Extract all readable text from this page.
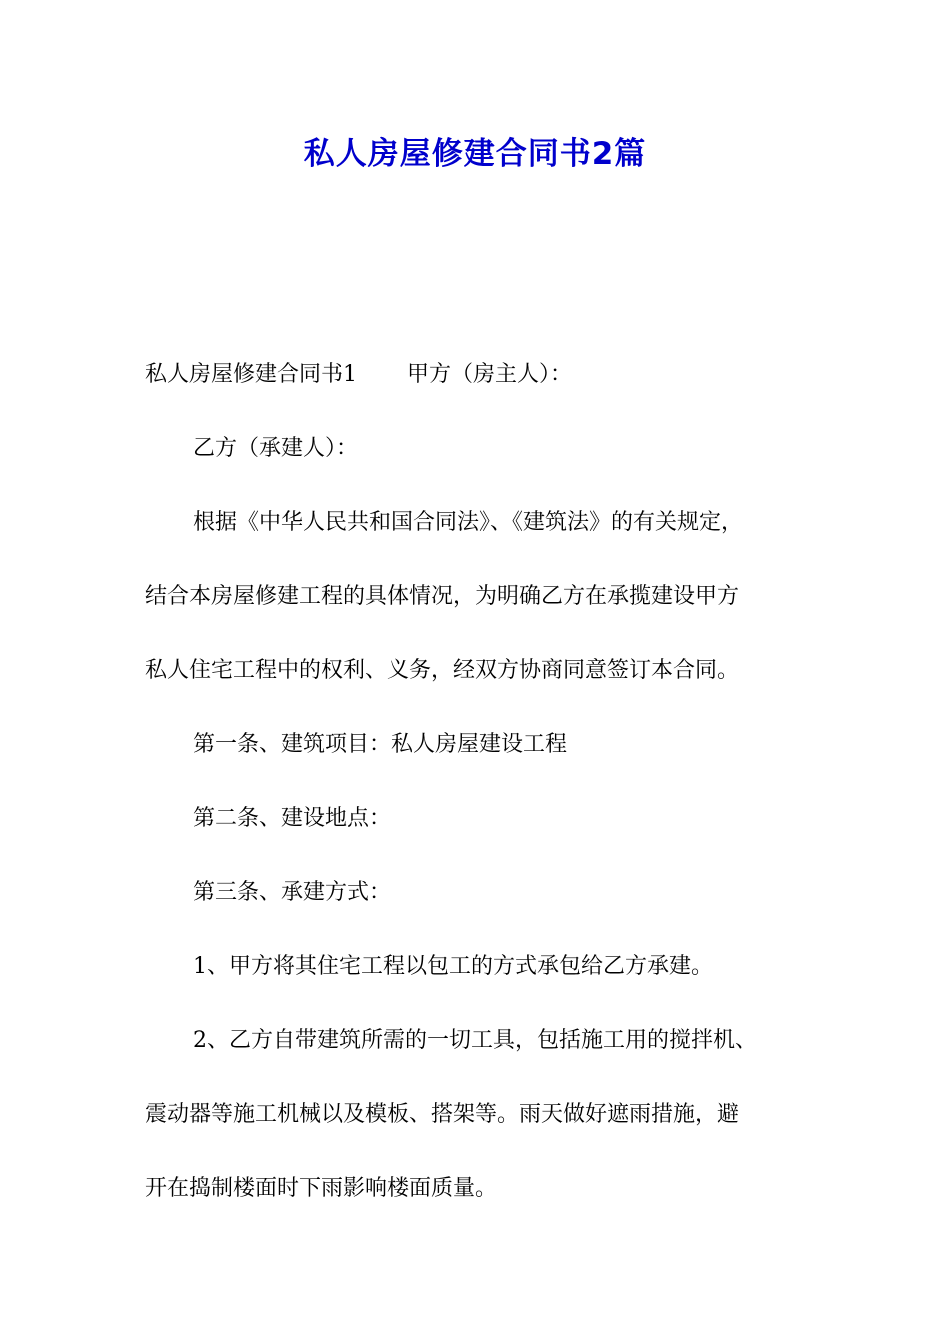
私人房屋修建合同书2篇
私人房屋修建合同书1 甲方（房主人）：
乙方（承建人）：
根据《中华人民共和国合同法》、《建筑法》的有关规定，
结合本房屋修建工程的具体情况，为明确乙方在承揽建设甲方
私人住宅工程中的权利、义务，经双方协商同意签订本合同。
第一条、建筑项目：私人房屋建设工程
第二条、建设地点：
第三条、承建方式：
1、甲方将其住宅工程以包工的方式承包给乙方承建。
2、乙方自带建筑所需的一切工具，包括施工用的搅拌机、
震动器等施工机械以及模板、搭架等。雨天做好遮雨措施，避
开在捣制楼面时下雨影响楼面质量。
